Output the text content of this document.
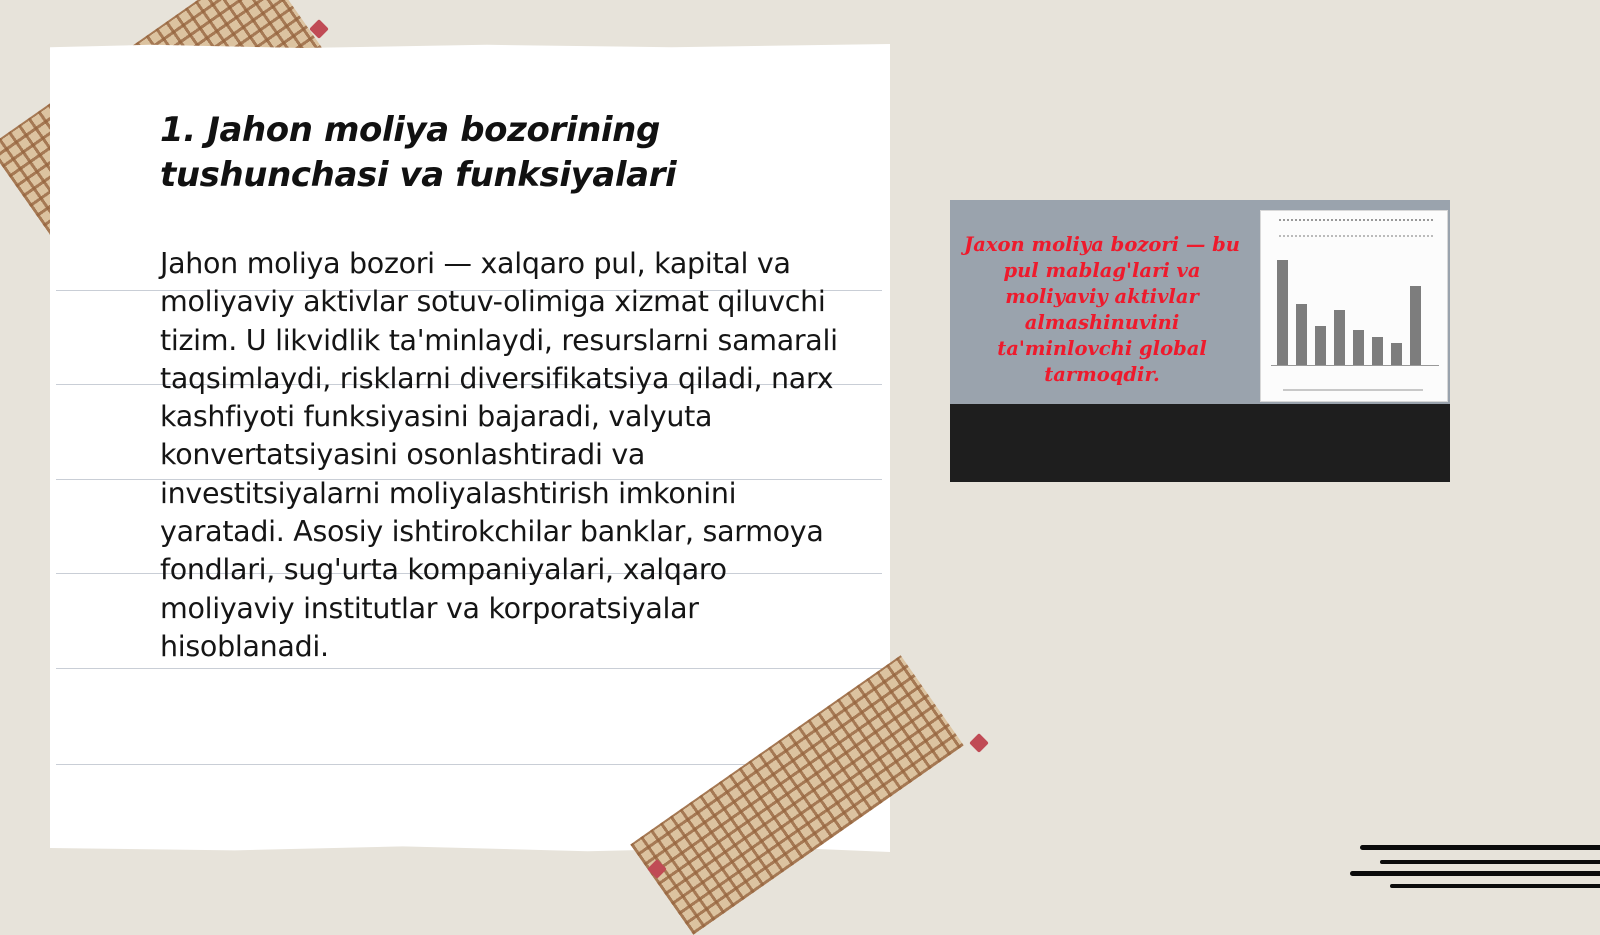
1. Jahon moliya bozorining tushunchasi va funksiyalari

Jahon moliya bozori — xalqaro pul, kapital va moliyaviy aktivlar sotuv-olimiga xizmat qiluvchi tizim. U likvidlik ta'minlaydi, resurslarni samarali taqsimlaydi, risklarni diversifikatsiya qiladi, narx kashfiyoti funksiyasini bajaradi, valyuta konvertatsiyasini osonlashtiradi va investitsiyalarni moliyalashtirish imkonini yaratadi. Asosiy ishtirokchilar banklar, sarmoya fondlari, sug'urta kompaniyalari, xalqaro moliyaviy institutlar va korporatsiyalar hisoblanadi.

Jaxon moliya bozori — bu pul mablag'lari va moliyaviy aktivlar almashinuvini ta'minlovchi global tarmoqdir.
